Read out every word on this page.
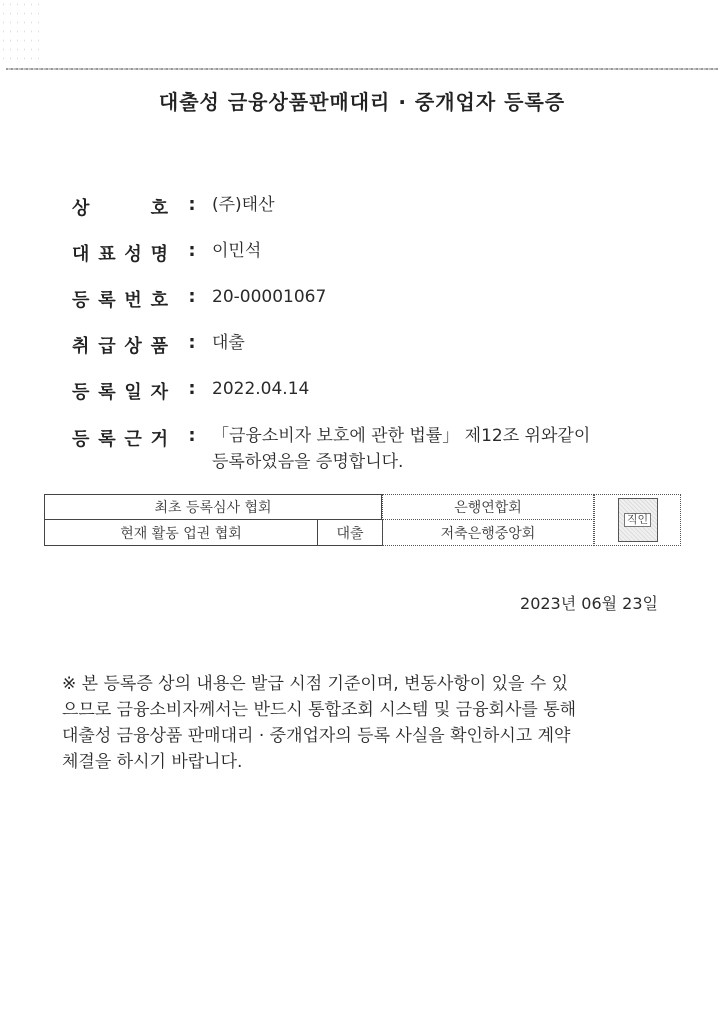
대출성 금융상품판매대리 · 중개업자 등록증
상	호	: (주)태산
대 표 성 명	: 이민석
등 록 번 호	: 20-00001067
취 급 상 품	: 대출
등 록 일 자	: 2022.04.14
등 록 근 거	: 「금융소비자 보호에 관한 법률」 제12조 위와같이
등록하였음을 증명합니다.
최초 등록심사 협회	은행연합회
현재 활동 업권 협회	대출	저축은행중앙회
직인
2023년 06월 23일
※ 본 등록증 상의 내용은 발급 시점 기준이며, 변동사항이 있을 수 있
으므로 금융소비자께서는 반드시 통합조회 시스템 및 금융회사를 통해
대출성 금융상품 판매대리 · 중개업자의 등록 사실을 확인하시고 계약
체결을 하시기 바랍니다.
